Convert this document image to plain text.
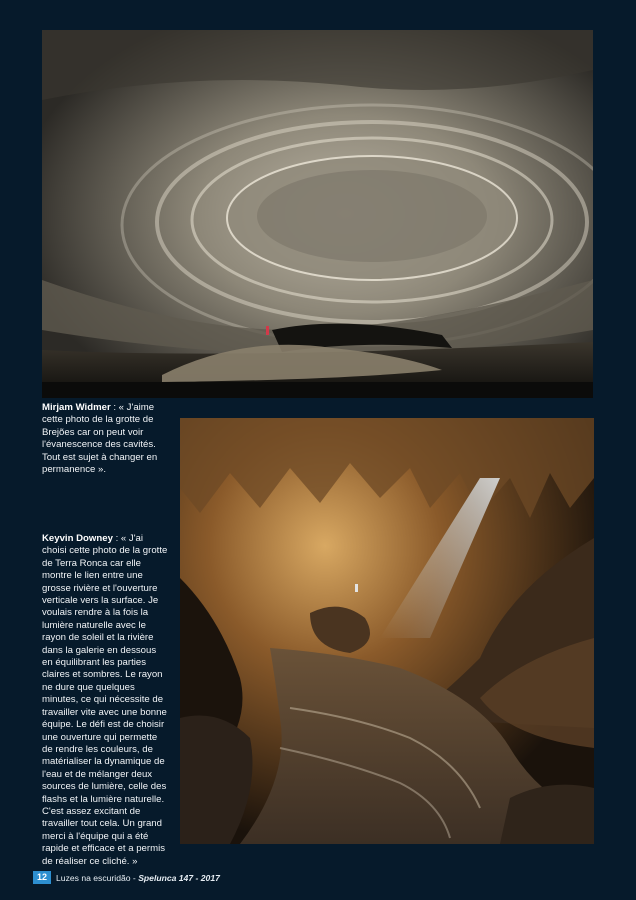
Mirjam Widmer : « J'aime cette photo de la grotte de Brejões car on peut voir l'évanescence des cavités. Tout est sujet à changer en permanence ».
Keyvin Downey : « J'ai choisi cette photo de la grotte de Terra Ronca car elle montre le lien entre une grosse rivière et l'ouverture verticale vers la surface. Je voulais rendre à la fois la lumière naturelle avec le rayon de soleil et la rivière dans la galerie en dessous en équilibrant les parties claires et sombres. Le rayon ne dure que quelques minutes, ce qui nécessite de travailler vite avec une bonne équipe. Le défi est de choisir une ouverture qui permette de rendre les couleurs, de matérialiser la dynamique de l'eau et de mélanger deux sources de lumière, celle des flashs et la lumière naturelle. C'est assez excitant de travailler tout cela. Un grand merci à l'équipe qui a été rapide et efficace et a permis de réaliser ce cliché. »
12	Luzes na escuridão - Spelunca 147 - 2017
